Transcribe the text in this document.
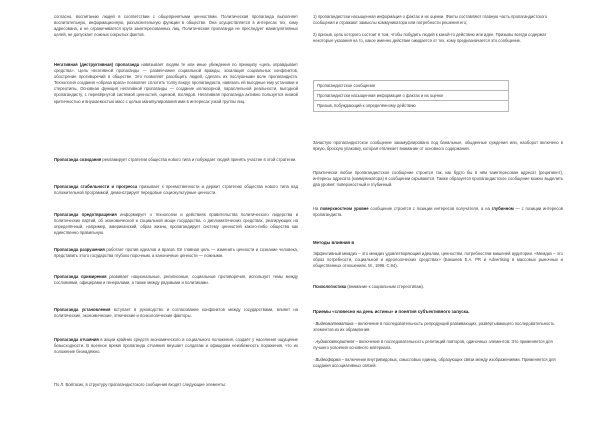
согласно, воспитанию людей в соответствии с общепринятыми ценностями. Политическая пропаганда выполняет воспитательную, информационную, разъяснительную функции в обществе. Она осуществляется в интересах тех, кому адресована, и не ограничивается круга заинтересованных лиц. Политическая пропаганда не преследует манипулятивных целей, не допускает ложных сокрытых фактов.

Негативная (деструктивная) пропаганда навязывает людям те или иные убеждения по принципу «цель оправдывает средства». Цель негативной пропаганды — развенчание социальной вражды, эскалация социальных конфликтов, обострение противоречий в обществе. Это позволяет разобщить людей, сделать их послушными воле пропагандиста. Технология создания «образа врага» позволяет сплотить толпу вокруг пропагандиста, навязать ей выгодные ему установки и стереотипы. Основная функция негативной пропаганды — создание иллюзорной, параллельной реальности, выгодной пропагандисту, с перевёрнутой системой ценностей, оценкой, взглядов. Негативная пропаганда активно пользуется низкой критичностью и внушаемостью масс с целью манипулирования ими в интересах узкой группы лиц.

Пропаганда созидания рекламирует стратегии общества нового типа и побуждает людей принять участие в этой стратегии.

Пропаганда стабильности и прогресса призывает к преемственности и держит стратегию общества нового типа над положительной программой, демонстрирует передовые социокультурные ценности.

Пропаганда предотвращения информирует о технологии и действиях правительства политического лидерства и политических партий, об экономической и социальной мощи государства, о дипломатических средствах, реагирующих на определённый, например, американский, образ жизни, пропагандирует систему ценностей какого-либо общества как единственно правильную.

Пропаганда разрушения работает против идеалов и врагов. Её главная цель — изменить ценности и сознание человека, представить этого государства глубоко порочным, а каноничные ценности — ложными.

Пропаганда примирения развивает национальные, религиозные, социальные противоречия, использует темы между сословиями, офицерами и генералами, а также между рядовыми и политиками.

Пропаганда установления вступает в руководство и согласование конфликтов между государствами, влияет на политические, экономические, этнические и психологические факторы.

Пропаганда отчаяния в акции крайних средств экономического и социального положения, создаёт у населения ощущение безысходности. В военное время пропаганда отчаяния внушает солдатам и офицерам неизбежность поражения, что их положение безнадёжно.

По Л. Войтасик, в структуру пропагандистского сообщения входят следующие элементы:

1) пропагандистски насыщенная информация о фактах и их оценки. Факты составляют главную часть пропагандистского сообщения и отражают замыслы коммуникатора или потребности решения его;

2) призыв, цель которого состоит в том, чтобы побудить людей к какой-то действию или идее. Призывы всегда содержат некоторые указания на то, какое именно действие ожидается от тех, кому предназначается это сообщение.

Пропагандистское сообщение
Пропагандистски насыщенная информация о фактах и их оценке
Призыв, побуждающий к определённому действию

Зачастую пропагандистское сообщение закамуфлировано под банальные, обыденные суждения или, наоборот включено в яркую, броскую упаковку, которая отвлекает внимание от основного содержания.

Практически любое пропагандистское сообщение строится так, как будто бы в нём заинтересован адресат (реципиент), интересы адресата (коммуникатора) в сообщении скрываются. Также образуется пропагандистское сообщение можно выделить два уровня: поверхностный и глубинный.

На поверхностном уровне сообщение строится с позиции интересов получателя, а на глубинном — с позиции интересов пропагандиста.

Методы влияния в

Эффективный мемдиз – это мемдиз удовлетворяющий идеалам, ценностям, потребностям мишеней аудитории. «Мемдиз – это образ потребности, социальной и идеологических средствах» (Бакшеев Е.А. PR и Advertising в массовых рыночных и общественных отношениях. М., 1996. С.94).

Психологистика (внимание к социальным стереотипам).

Приемы «словесно на день истины» и понятия субъективного запуска.

- Видеоматематика – включение в последовательность репродукций развивающих, развёртывающего последовательность элементов из их обрамления.

- Аудиоповторителя – включение в последовательность репетиций повторов, одиночных элементов. Это применяется для лучшего усвоения основного материала.

- Видеоформа – включение внутривидовых, смысловых единиц, образующих связи между изображениями. Применяется для создания ассоциативных связей.
